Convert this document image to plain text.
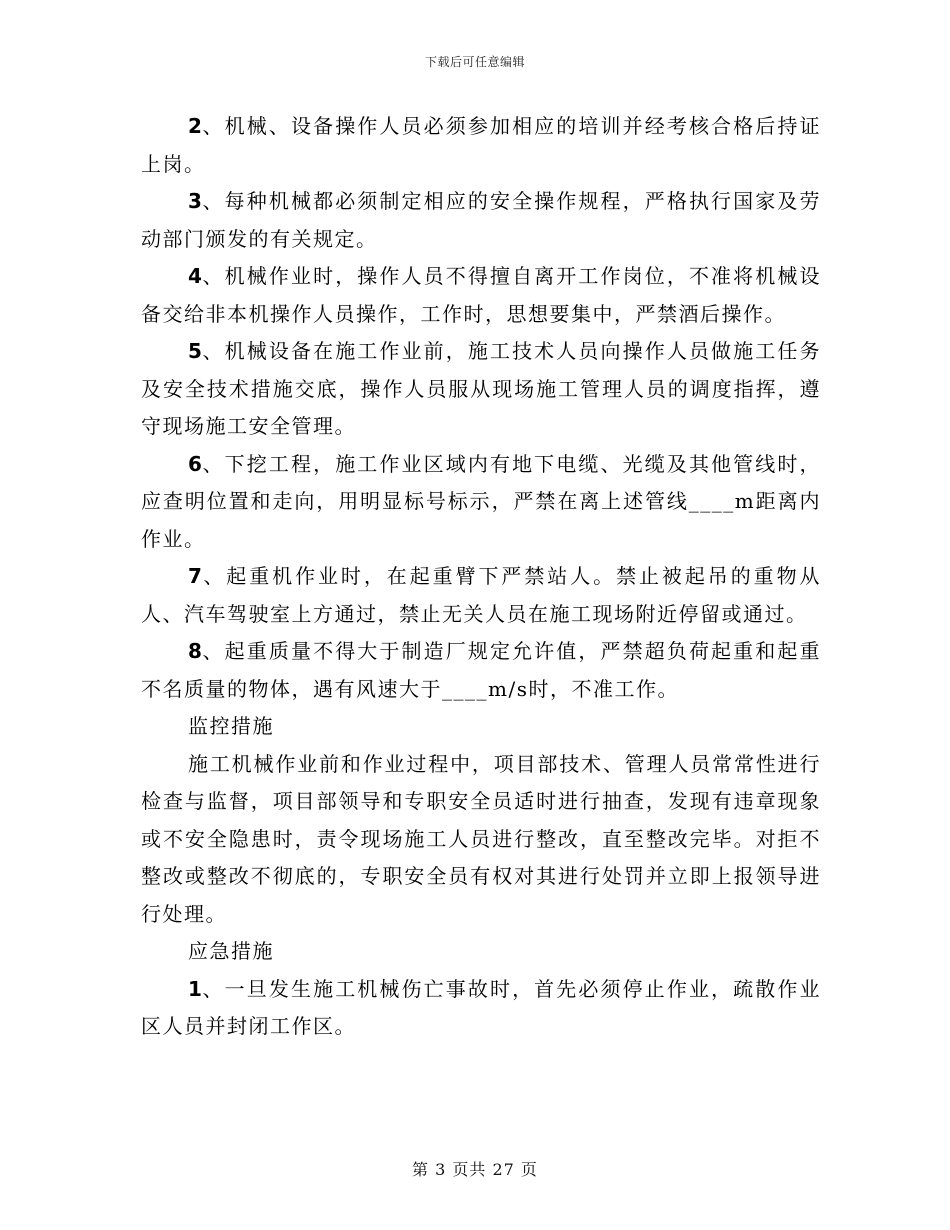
下载后可任意编辑

2、机械、设备操作人员必须参加相应的培训并经考核合格后持证上岗。

3、每种机械都必须制定相应的安全操作规程，严格执行国家及劳动部门颁发的有关规定。

4、机械作业时，操作人员不得擅自离开工作岗位，不准将机械设备交给非本机操作人员操作，工作时，思想要集中，严禁酒后操作。

5、机械设备在施工作业前，施工技术人员向操作人员做施工任务及安全技术措施交底，操作人员服从现场施工管理人员的调度指挥，遵守现场施工安全管理。

6、下挖工程，施工作业区域内有地下电缆、光缆及其他管线时，应查明位置和走向，用明显标号标示，严禁在离上述管线____m距离内作业。

7、起重机作业时，在起重臂下严禁站人。禁止被起吊的重物从人、汽车驾驶室上方通过，禁止无关人员在施工现场附近停留或通过。

8、起重质量不得大于制造厂规定允许值，严禁超负荷起重和起重不名质量的物体，遇有风速大于____m/s时，不准工作。

监控措施

施工机械作业前和作业过程中，项目部技术、管理人员常常性进行检查与监督，项目部领导和专职安全员适时进行抽查，发现有违章现象或不安全隐患时，责令现场施工人员进行整改，直至整改完毕。对拒不整改或整改不彻底的，专职安全员有权对其进行处罚并立即上报领导进行处理。

应急措施

1、一旦发生施工机械伤亡事故时，首先必须停止作业，疏散作业区人员并封闭工作区。

第 3 页共 27 页
